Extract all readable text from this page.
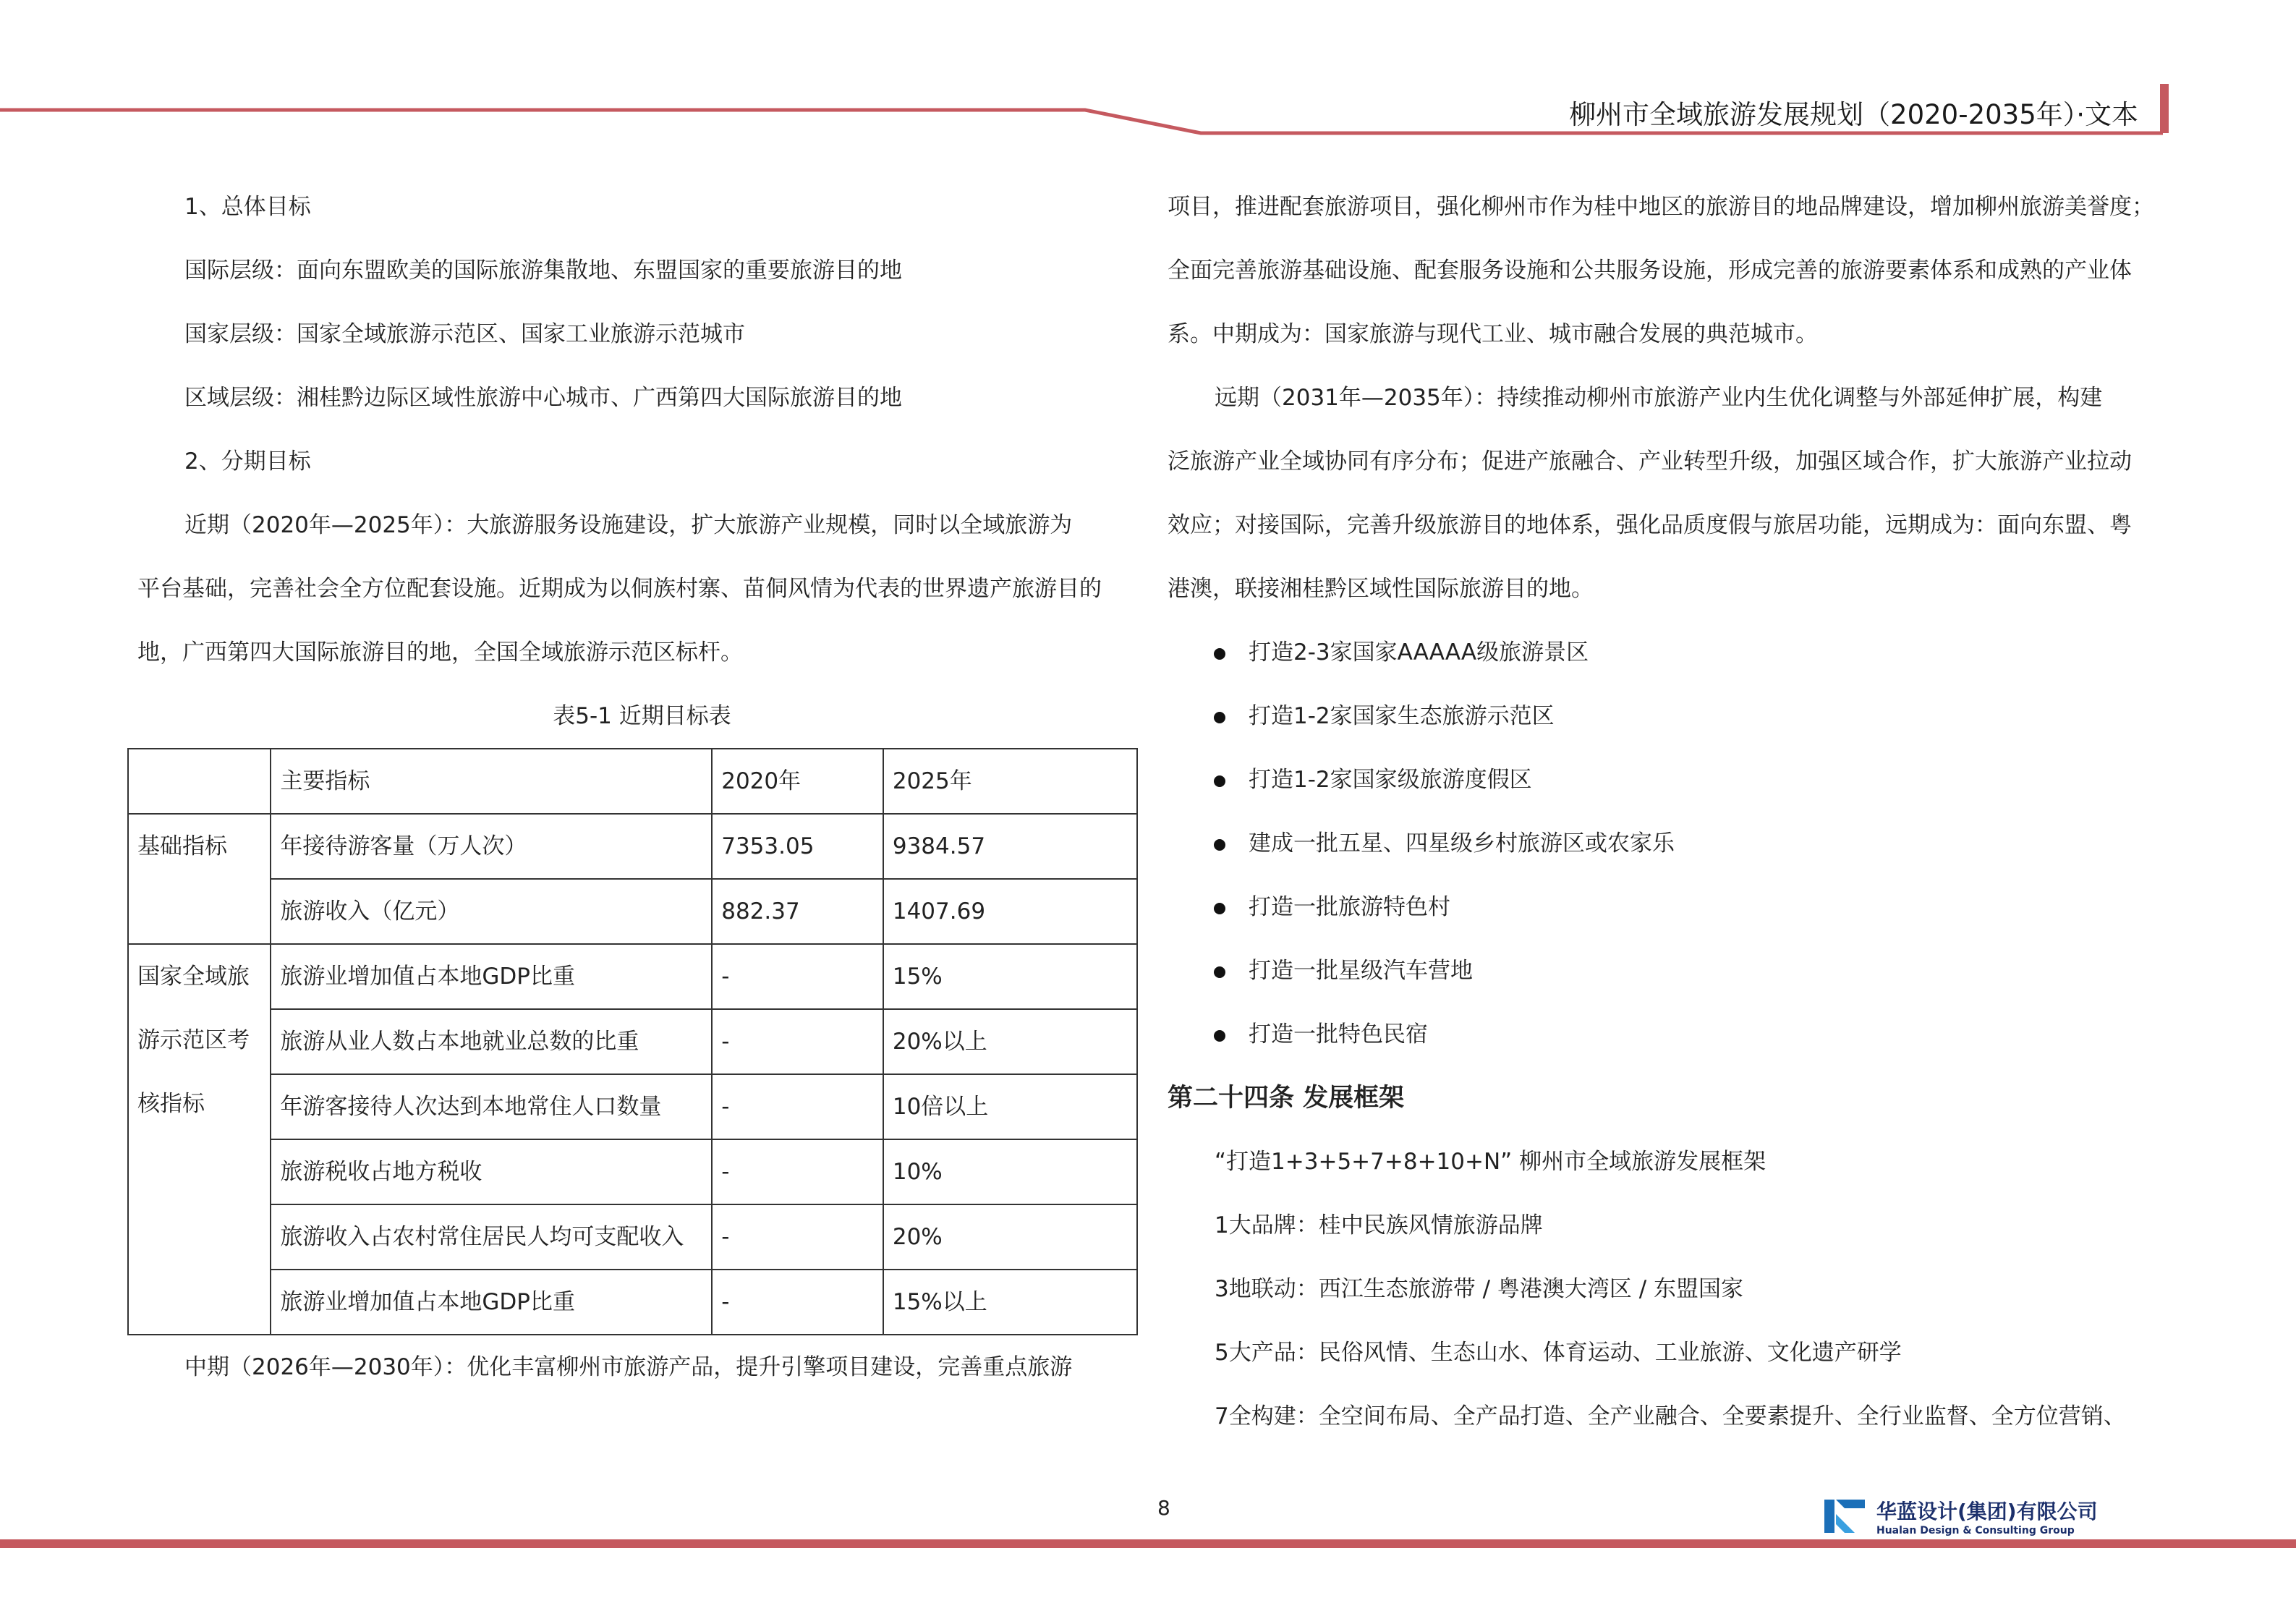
柳州市全域旅游发展规划（2020-2035年）·文本

1、总体目标

国际层级：面向东盟欧美的国际旅游集散地、东盟国家的重要旅游目的地

国家层级：国家全域旅游示范区、国家工业旅游示范城市

区域层级：湘桂黔边际区域性旅游中心城市、广西第四大国际旅游目的地

2、分期目标

近期（2020年—2025年）：大旅游服务设施建设，扩大旅游产业规模，同时以全域旅游为

平台基础，完善社会全方位配套设施。近期成为以侗族村寨、苗侗风情为代表的世界遗产旅游目的

地，广西第四大国际旅游目的地，全国全域旅游示范区标杆。

表5-1 近期目标表

	主要指标	2020年	2025年
基础指标	年接待游客量（万人次）	7353.05	9384.57
	旅游收入（亿元）	882.37	1407.69
国家全域旅游示范区考核指标	旅游业增加值占本地GDP比重	-	15%
	旅游从业人数占本地就业总数的比重	-	20%以上
	年游客接待人次达到本地常住人口数量	-	10倍以上
	旅游税收占地方税收	-	10%
	旅游收入占农村常住居民人均可支配收入	-	20%
	旅游业增加值占本地GDP比重	-	15%以上

中期（2026年—2030年）：优化丰富柳州市旅游产品，提升引擎项目建设，完善重点旅游

项目，推进配套旅游项目，强化柳州市作为桂中地区的旅游目的地品牌建设，增加柳州旅游美誉度；

全面完善旅游基础设施、配套服务设施和公共服务设施，形成完善的旅游要素体系和成熟的产业体

系。中期成为：国家旅游与现代工业、城市融合发展的典范城市。

远期（2031年—2035年）：持续推动柳州市旅游产业内生优化调整与外部延伸扩展，构建

泛旅游产业全域协同有序分布；促进产旅融合、产业转型升级，加强区域合作，扩大旅游产业拉动

效应；对接国际，完善升级旅游目的地体系，强化品质度假与旅居功能，远期成为：面向东盟、粤

港澳，联接湘桂黔区域性国际旅游目的地。

打造2-3家国家AAAAA级旅游景区
打造1-2家国家生态旅游示范区
打造1-2家国家级旅游度假区
建成一批五星、四星级乡村旅游区或农家乐
打造一批旅游特色村
打造一批星级汽车营地
打造一批特色民宿

第二十四条 发展框架

“打造1+3+5+7+8+10+N” 柳州市全域旅游发展框架

1大品牌：桂中民族风情旅游品牌

3地联动：西江生态旅游带 / 粤港澳大湾区 / 东盟国家

5大产品：民俗风情、生态山水、体育运动、工业旅游、文化遗产研学

7全构建：全空间布局、全产品打造、全产业融合、全要素提升、全行业监督、全方位营销、

8	华蓝设计(集团)有限公司
Hualan Design & Consulting Group
